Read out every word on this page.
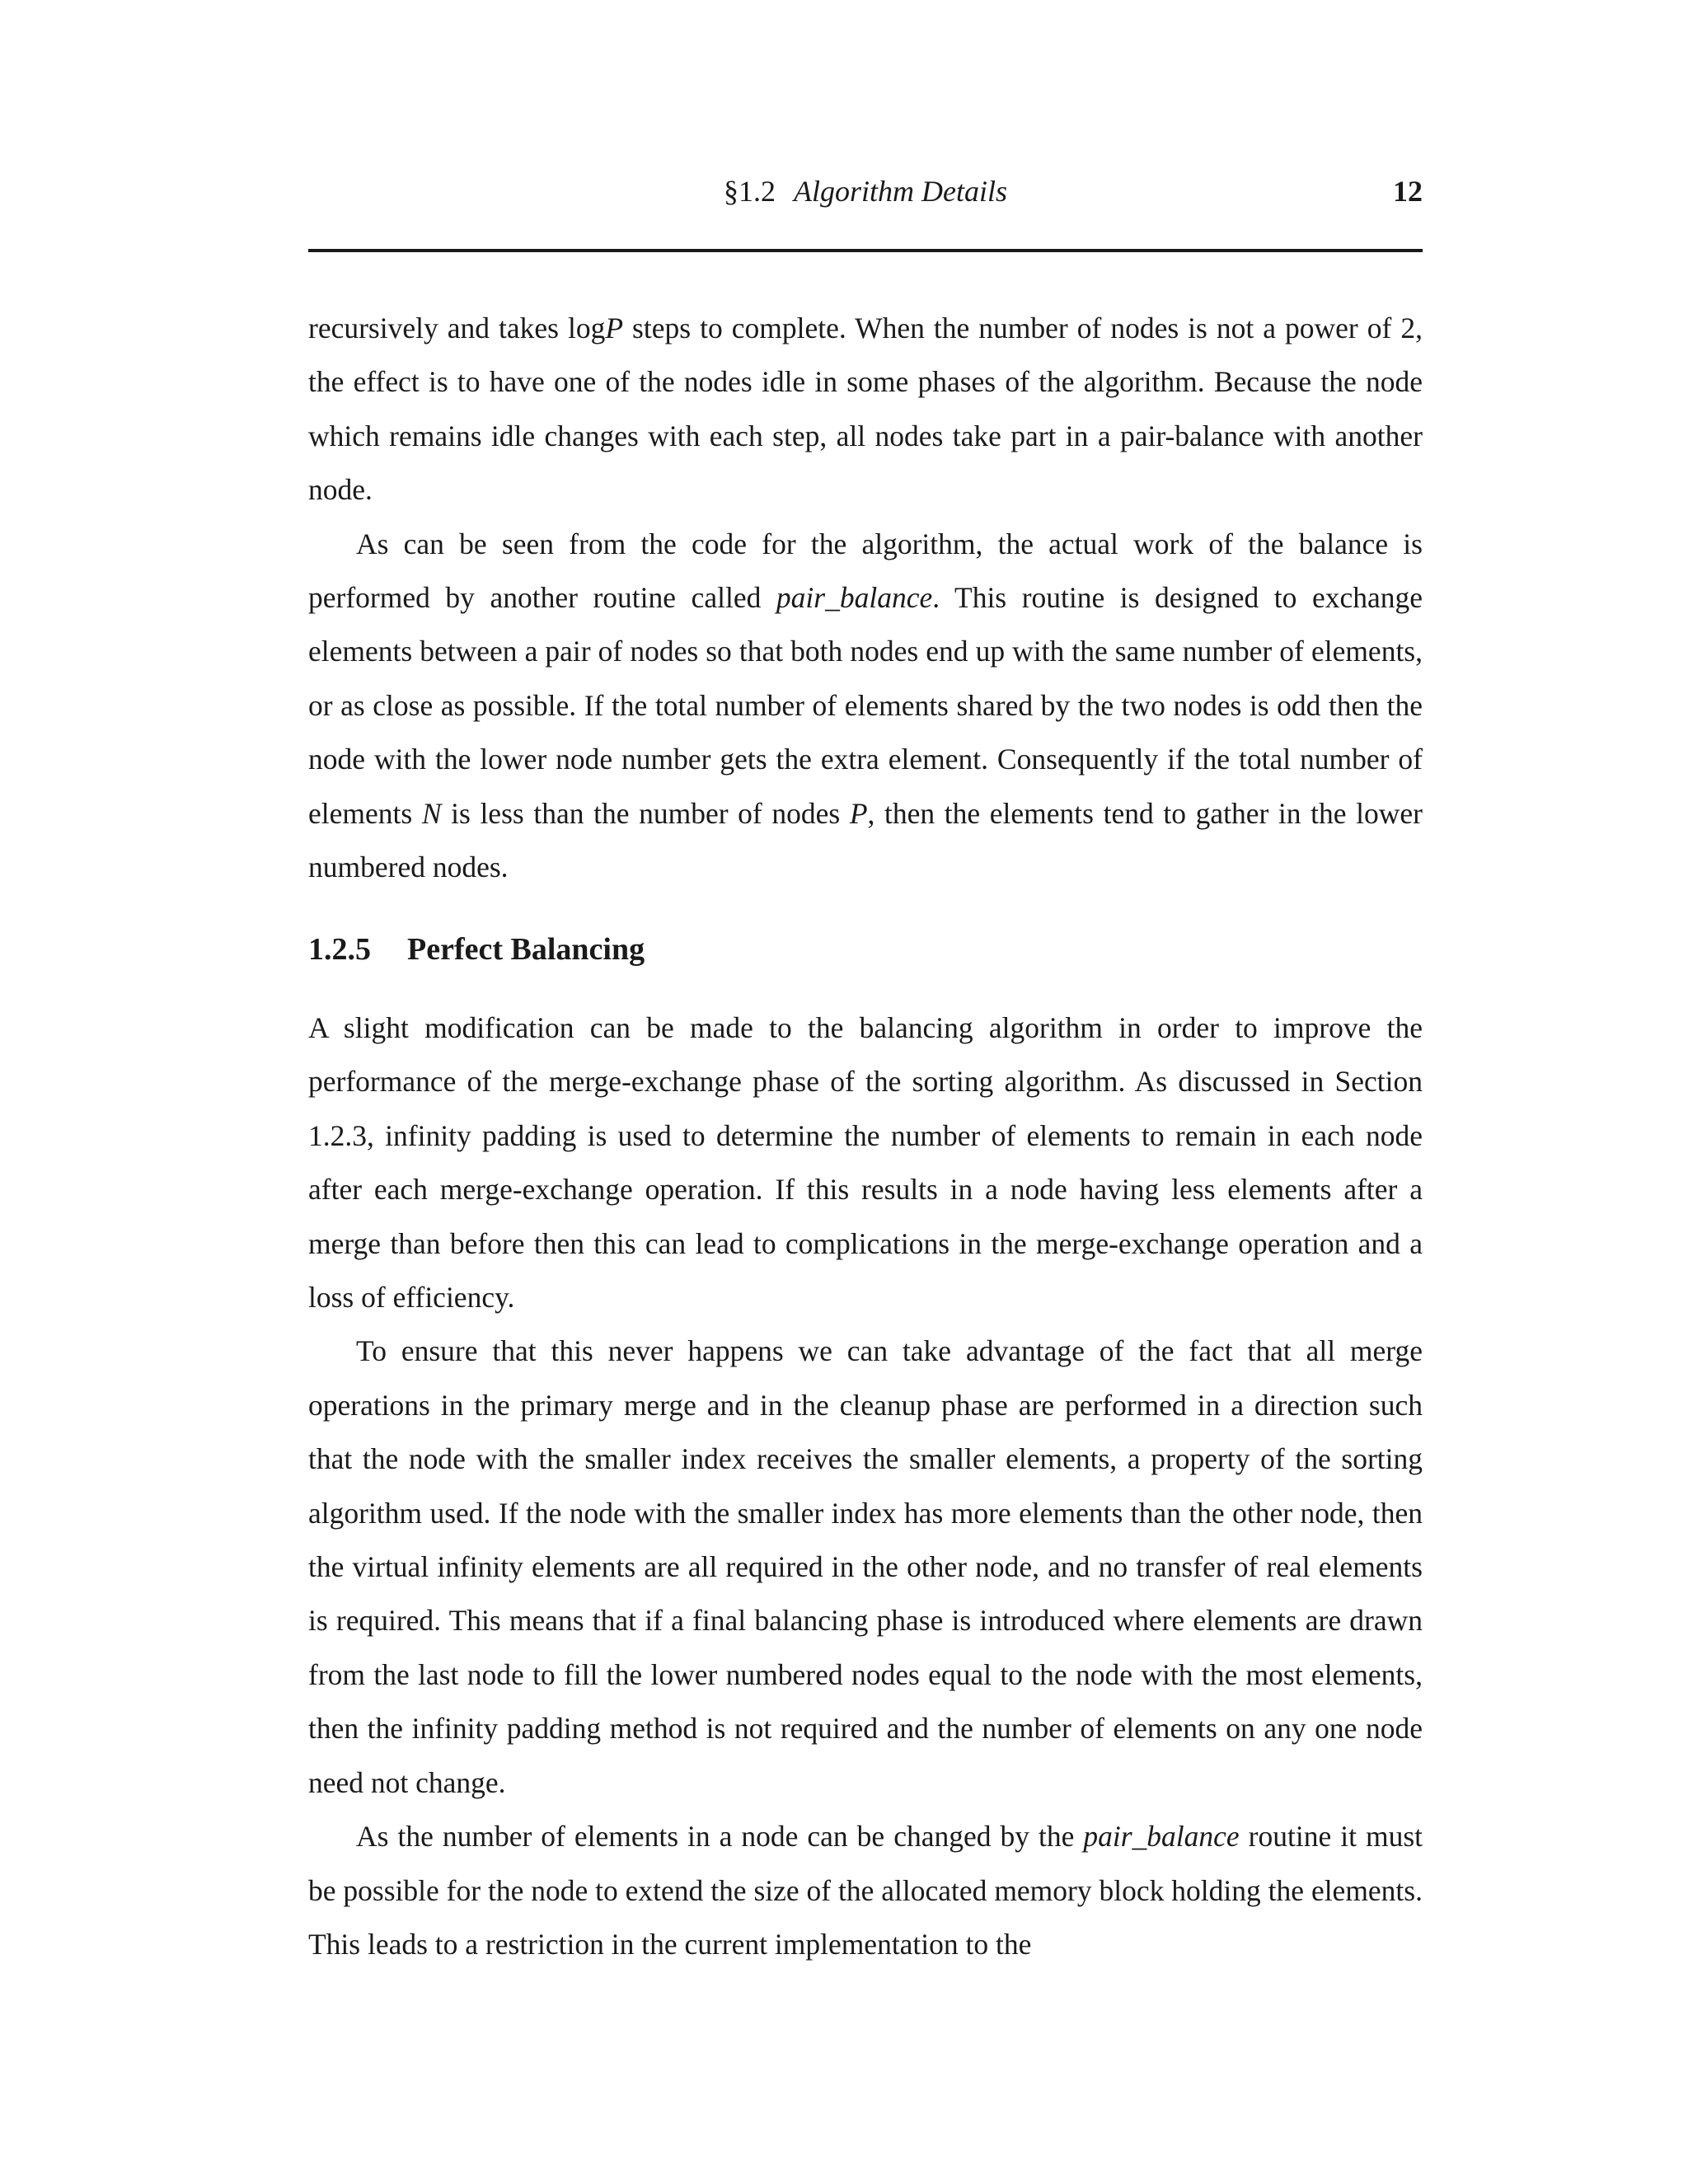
§1.2 Algorithm Details	12

recursively and takes logP steps to complete. When the number of nodes is not a power of 2, the effect is to have one of the nodes idle in some phases of the algorithm. Because the node which remains idle changes with each step, all nodes take part in a pair-balance with another node.

As can be seen from the code for the algorithm, the actual work of the balance is performed by another routine called pair_balance. This routine is designed to exchange elements between a pair of nodes so that both nodes end up with the same number of elements, or as close as possible. If the total number of elements shared by the two nodes is odd then the node with the lower node number gets the extra element. Consequently if the total number of elements N is less than the number of nodes P, then the elements tend to gather in the lower numbered nodes.

1.2.5 Perfect Balancing

A slight modification can be made to the balancing algorithm in order to improve the performance of the merge-exchange phase of the sorting algorithm. As discussed in Section 1.2.3, infinity padding is used to determine the number of elements to remain in each node after each merge-exchange operation. If this results in a node having less elements after a merge than before then this can lead to complications in the merge-exchange operation and a loss of efficiency.

To ensure that this never happens we can take advantage of the fact that all merge operations in the primary merge and in the cleanup phase are performed in a direction such that the node with the smaller index receives the smaller elements, a property of the sorting algorithm used. If the node with the smaller index has more elements than the other node, then the virtual infinity elements are all required in the other node, and no transfer of real elements is required. This means that if a final balancing phase is introduced where elements are drawn from the last node to fill the lower numbered nodes equal to the node with the most elements, then the infinity padding method is not required and the number of elements on any one node need not change.

As the number of elements in a node can be changed by the pair_balance routine it must be possible for the node to extend the size of the allocated memory block holding the elements. This leads to a restriction in the current implementation to the
